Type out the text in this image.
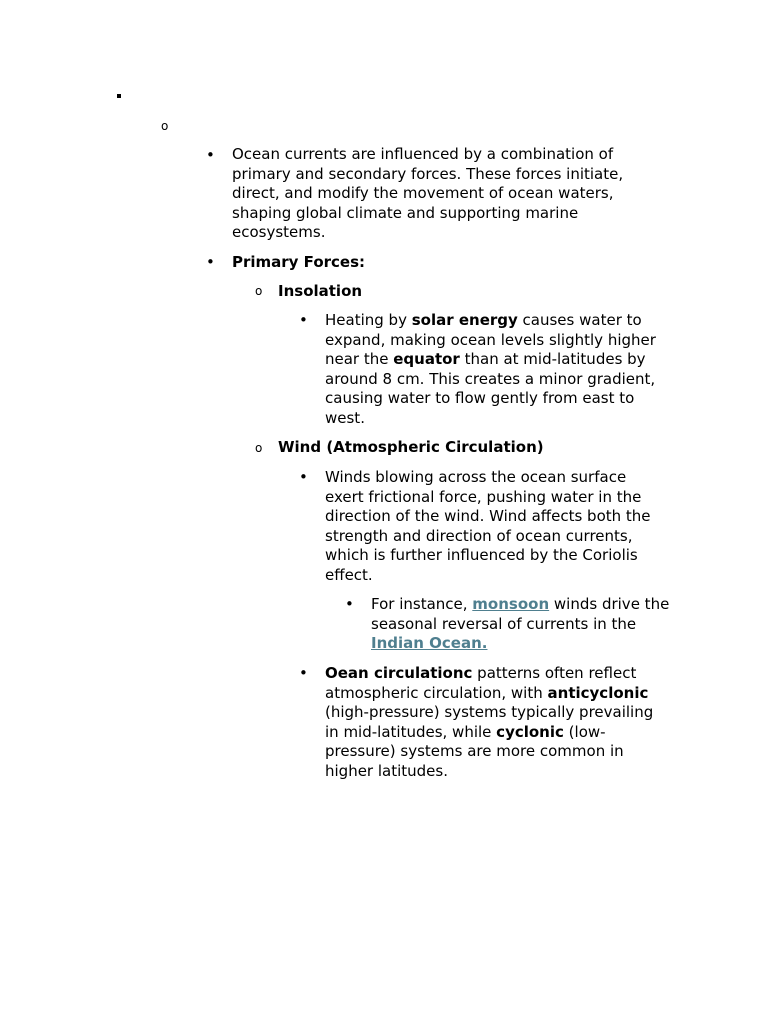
o
• Ocean currents are influenced by a combination of primary and secondary forces. These forces initiate, direct, and modify the movement of ocean waters, shaping global climate and supporting marine ecosystems.
• Primary Forces:
o Insolation
• Heating by solar energy causes water to expand, making ocean levels slightly higher near the equator than at mid-latitudes by around 8 cm. This creates a minor gradient, causing water to flow gently from east to west.
o Wind (Atmospheric Circulation)
• Winds blowing across the ocean surface exert frictional force, pushing water in the direction of the wind. Wind affects both the strength and direction of ocean currents, which is further influenced by the Coriolis effect.
• For instance, monsoon winds drive the seasonal reversal of currents in the Indian Ocean.
• Oean circulationc patterns often reflect atmospheric circulation, with anticyclonic (high-pressure) systems typically prevailing in mid-latitudes, while cyclonic (low-pressure) systems are more common in higher latitudes.
